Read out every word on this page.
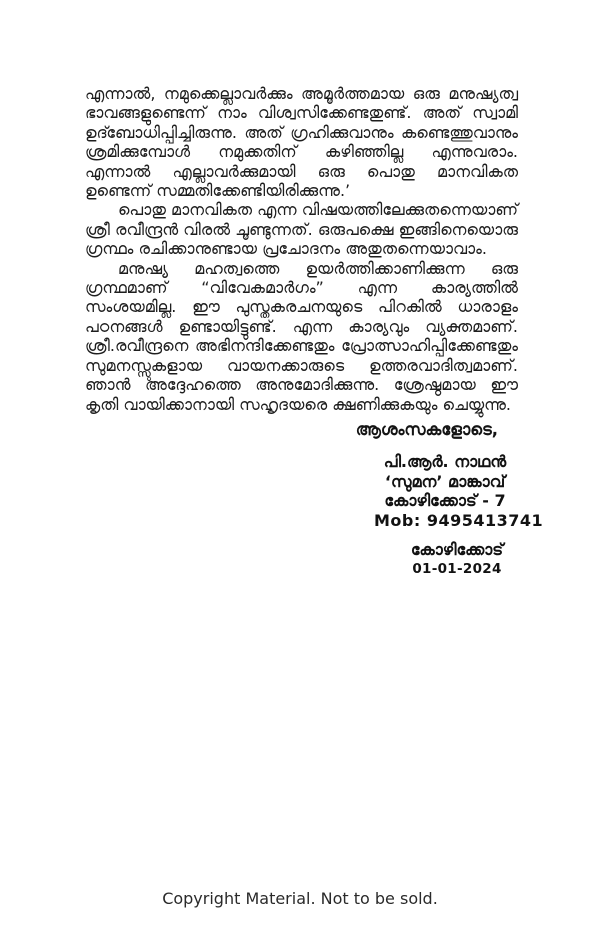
എന്നാൽ, നമുക്കെല്ലാവർക്കും അമൂർത്തമായ ഒരു മനുഷ്യത്വ ഭാവങ്ങളുണ്ടെന്ന് നാം വിശ്വസിക്കേണ്ടതുണ്ട്. അത് സ്വാമി ഉദ്ബോധിപ്പിച്ചിരുന്നു. അത് ഗ്രഹിക്കുവാനും കണ്ടെത്തുവാനും ശ്രമിക്കുമ്പോൾ നമുക്കതിന് കഴിഞ്ഞില്ല എന്നുവരാം. എന്നാൽ എല്ലാവർക്കുമായി ഒരു പൊതു മാനവികത ഉണ്ടെന്ന് സമ്മതിക്കേണ്ടിയിരിക്കുന്നു.’

പൊതു മാനവികത എന്ന വിഷയത്തിലേക്കുതന്നെയാണ് ശ്രീ രവീന്ദ്രൻ വിരൽ ചൂണ്ടുന്നത്. ഒരുപക്ഷെ ഇങ്ങിനെയൊരു ഗ്രന്ഥം രചിക്കാനുണ്ടായ പ്രചോദനം അതുതന്നെയാവാം.

മനുഷ്യ മഹത്വത്തെ ഉയർത്തിക്കാണിക്കുന്ന ഒരു ഗ്രന്ഥമാണ് “വിവേകമാർഗം” എന്ന കാര്യത്തിൽ സംശയമില്ല. ഈ പുസ്തകരചനയുടെ പിറകിൽ ധാരാളം പഠനങ്ങൾ ഉണ്ടായിട്ടുണ്ട്. എന്ന കാര്യവും വ്യക്തമാണ്. ശ്രീ.രവീന്ദ്രനെ അഭിനന്ദിക്കേണ്ടതും പ്രോത്സാഹിപ്പിക്കേണ്ടതും സുമനസ്സുകളായ വായനക്കാരുടെ ഉത്തരവാദിത്വമാണ്. ഞാൻ അദ്ദേഹത്തെ അനുമോദിക്കുന്നു. ശ്രേഷ്ഠമായ ഈ കൃതി വായിക്കാനായി സഹൃദയരെ ക്ഷണിക്കുകയും ചെയ്യുന്നു.

ആശംസകളോടെ,
പി.ആർ. നാഥൻ
‘സുമന’ മാങ്കാവ്
കോഴിക്കോട് - 7
Mob: 9495413741
കോഴിക്കോട്
01-01-2024
Copyright Material. Not to be sold.
